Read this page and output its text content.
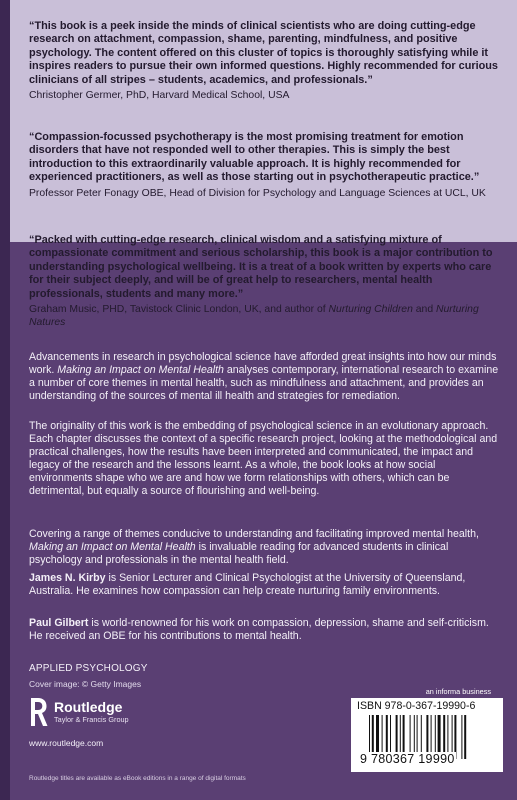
“This book is a peek inside the minds of clinical scientists who are doing cutting-edge research on attachment, compassion, shame, parenting, mindfulness, and positive psychology. The content offered on this cluster of topics is thoroughly satisfying while it inspires readers to pursue their own informed questions. Highly recommended for curious clinicians of all stripes – students, academics, and professionals.”

Christopher Germer, PhD, Harvard Medical School, USA

“Compassion-focussed psychotherapy is the most promising treatment for emotion disorders that have not responded well to other therapies. This is simply the best introduction to this extraordinarily valuable approach. It is highly recommended for experienced practitioners, as well as those starting out in psychotherapeutic practice.”

Professor Peter Fonagy OBE, Head of Division for Psychology and Language Sciences at UCL, UK

“Packed with cutting-edge research, clinical wisdom and a satisfying mixture of compassionate commitment and serious scholarship, this book is a major contribution to understanding psychological wellbeing. It is a treat of a book written by experts who care for their subject deeply, and will be of great help to researchers, mental health professionals, students and many more.”

Graham Music, PHD, Tavistock Clinic London, UK, and author of Nurturing Children and Nurturing Natures

Advancements in research in psychological science have afforded great insights into how our minds work. Making an Impact on Mental Health analyses contemporary, international research to examine a number of core themes in mental health, such as mindfulness and attachment, and provides an understanding of the sources of mental ill health and strategies for remediation.

The originality of this work is the embedding of psychological science in an evolutionary approach. Each chapter discusses the context of a specific research project, looking at the methodological and practical challenges, how the results have been interpreted and communicated, the impact and legacy of the research and the lessons learnt. As a whole, the book looks at how social environments shape who we are and how we form relationships with others, which can be detrimental, but equally a source of flourishing and well-being.

Covering a range of themes conducive to understanding and facilitating improved mental health, Making an Impact on Mental Health is invaluable reading for advanced students in clinical psychology and professionals in the mental health field.

James N. Kirby is Senior Lecturer and Clinical Psychologist at the University of Queensland, Australia. He examines how compassion can help create nurturing family environments.

Paul Gilbert is world-renowned for his work on compassion, depression, shame and self-criticism. He received an OBE for his contributions to mental health.

APPLIED PSYCHOLOGY
Cover image: © Getty Images
Routledge
Taylor & Francis Group
www.routledge.com
an informa business
ISBN 978-0-367-19990-6
9 780367 19990
Routledge titles are available as eBook editions in a range of digital formats
